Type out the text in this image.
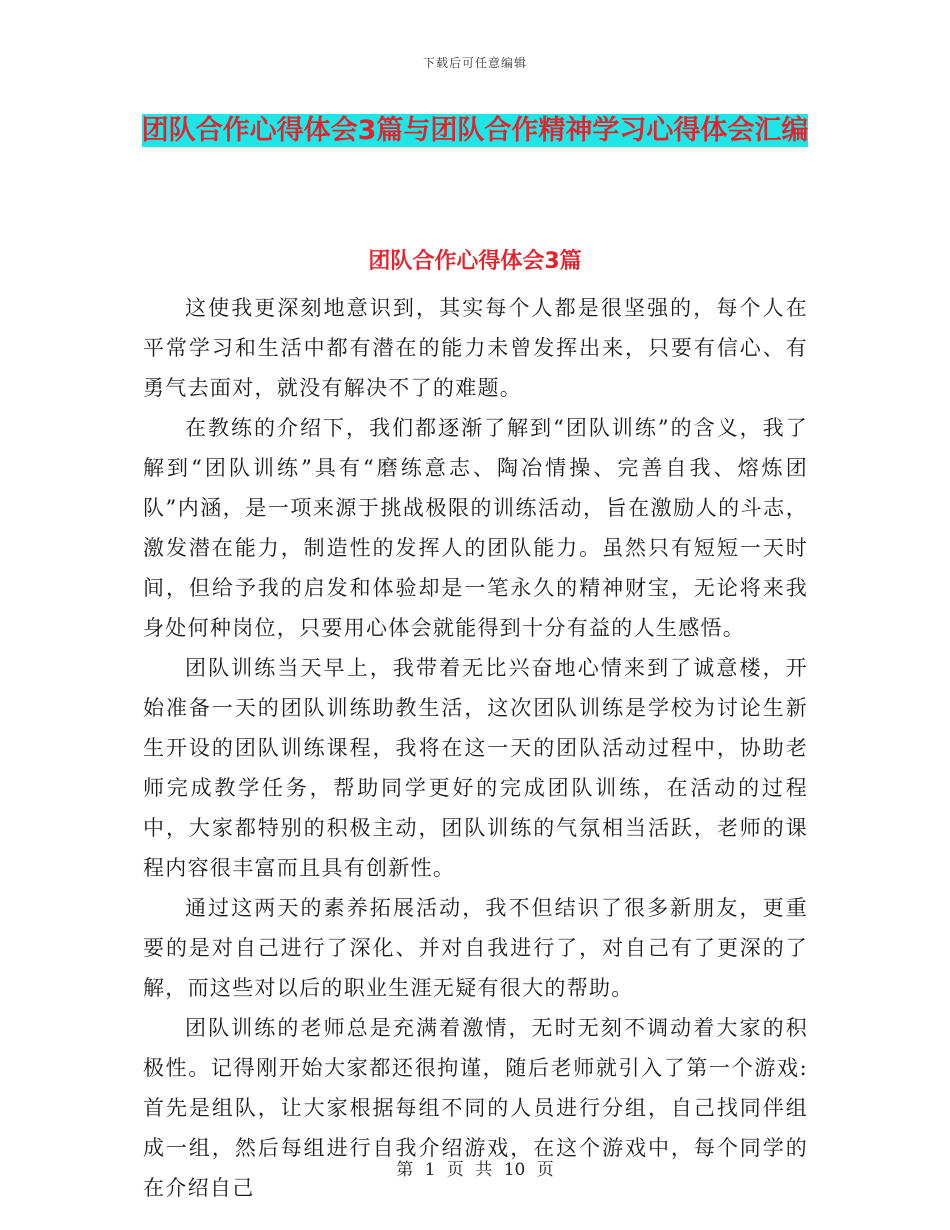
下载后可任意编辑
团队合作心得体会3篇与团队合作精神学习心得体会汇编
团队合作心得体会3篇

这使我更深刻地意识到，其实每个人都是很坚强的，每个人在平常学习和生活中都有潜在的能力未曾发挥出来，只要有信心、有勇气去面对，就没有解决不了的难题。

在教练的介绍下，我们都逐渐了解到“团队训练”的含义，我了解到“团队训练”具有“磨练意志、陶冶情操、完善自我、熔炼团队”内涵，是一项来源于挑战极限的训练活动，旨在激励人的斗志，激发潜在能力，制造性的发挥人的团队能力。虽然只有短短一天时间，但给予我的启发和体验却是一笔永久的精神财宝，无论将来我身处何种岗位，只要用心体会就能得到十分有益的人生感悟。

团队训练当天早上，我带着无比兴奋地心情来到了诚意楼，开始准备一天的团队训练助教生活，这次团队训练是学校为讨论生新生开设的团队训练课程，我将在这一天的团队活动过程中，协助老师完成教学任务，帮助同学更好的完成团队训练，在活动的过程中，大家都特别的积极主动，团队训练的气氛相当活跃，老师的课程内容很丰富而且具有创新性。

通过这两天的素养拓展活动，我不但结识了很多新朋友，更重要的是对自己进行了深化、并对自我进行了，对自己有了更深的了解，而这些对以后的职业生涯无疑有很大的帮助。

团队训练的老师总是充满着激情，无时无刻不调动着大家的积极性。记得刚开始大家都还很拘谨，随后老师就引入了第一个游戏:首先是组队，让大家根据每组不同的人员进行分组，自己找同伴组成一组，然后每组进行自我介绍游戏，在这个游戏中，每个同学的在介绍自己

第 1 页 共 10 页
